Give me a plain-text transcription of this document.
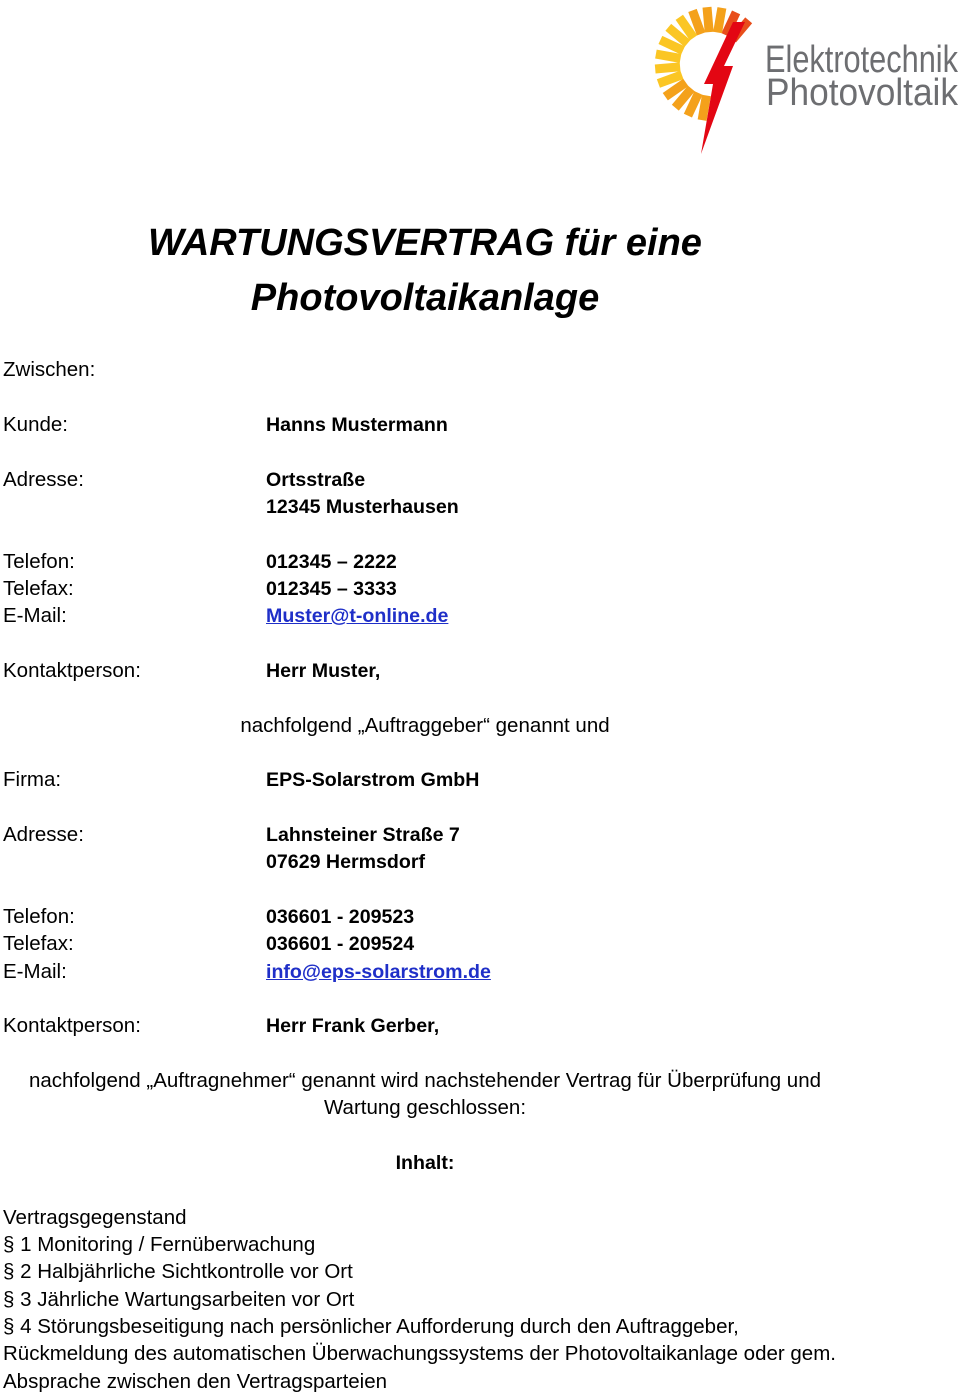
Elektrotechnik
Photovoltaik
WARTUNGSVERTRAG für eine
Photovoltaikanlage
Zwischen:
Kunde:	Hanns Mustermann
Adresse:	Ortsstraße
12345 Musterhausen
Telefon:	012345 – 2222
Telefax:	012345 – 3333
E-Mail:	Muster@t-online.de
Kontaktperson:	Herr Muster,
nachfolgend „Auftraggeber“ genannt und
Firma:	EPS-Solarstrom GmbH
Adresse:	Lahnsteiner Straße 7
07629 Hermsdorf
Telefon:	036601 - 209523
Telefax:	036601 - 209524
E-Mail:	info@eps-solarstrom.de
Kontaktperson:	Herr Frank Gerber,
nachfolgend „Auftragnehmer“ genannt wird nachstehender Vertrag für Überprüfung und
Wartung geschlossen:
Inhalt:
Vertragsgegenstand
§ 1 Monitoring / Fernüberwachung
§ 2 Halbjährliche Sichtkontrolle vor Ort
§ 3 Jährliche Wartungsarbeiten vor Ort
§ 4 Störungsbeseitigung nach persönlicher Aufforderung durch den Auftraggeber,
Rückmeldung des automatischen Überwachungssystems der Photovoltaikanlage oder gem.
Absprache zwischen den Vertragsparteien
